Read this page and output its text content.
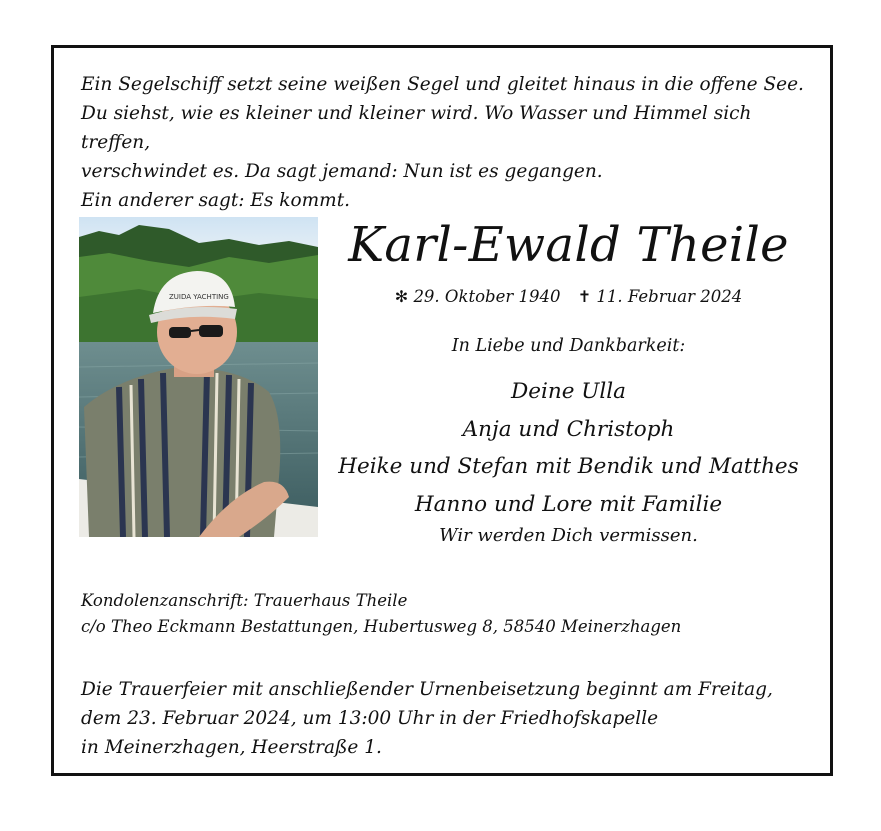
Ein Segelschiff setzt seine weißen Segel und gleitet hinaus in die offene See.
Du siehst, wie es kleiner und kleiner wird. Wo Wasser und Himmel sich treffen,
verschwindet es. Da sagt jemand: Nun ist es gegangen.
Ein anderer sagt: Es kommt.
ZUIDA YACHTING
Karl-Ewald Theile
✻ 29. Oktober 1940 ✝ 11. Februar 2024
In Liebe und Dankbarkeit:
Deine Ulla
Anja und Christoph
Heike und Stefan mit Bendik und Matthes
Hanno und Lore mit Familie
Wir werden Dich vermissen.
Kondolenzanschrift: Trauerhaus Theile
c/o Theo Eckmann Bestattungen, Hubertusweg 8, 58540 Meinerzhagen
Die Trauerfeier mit anschließender Urnenbeisetzung beginnt am Freitag,
dem 23. Februar 2024, um 13:00 Uhr in der Friedhofskapelle
in Meinerzhagen, Heerstraße 1.
